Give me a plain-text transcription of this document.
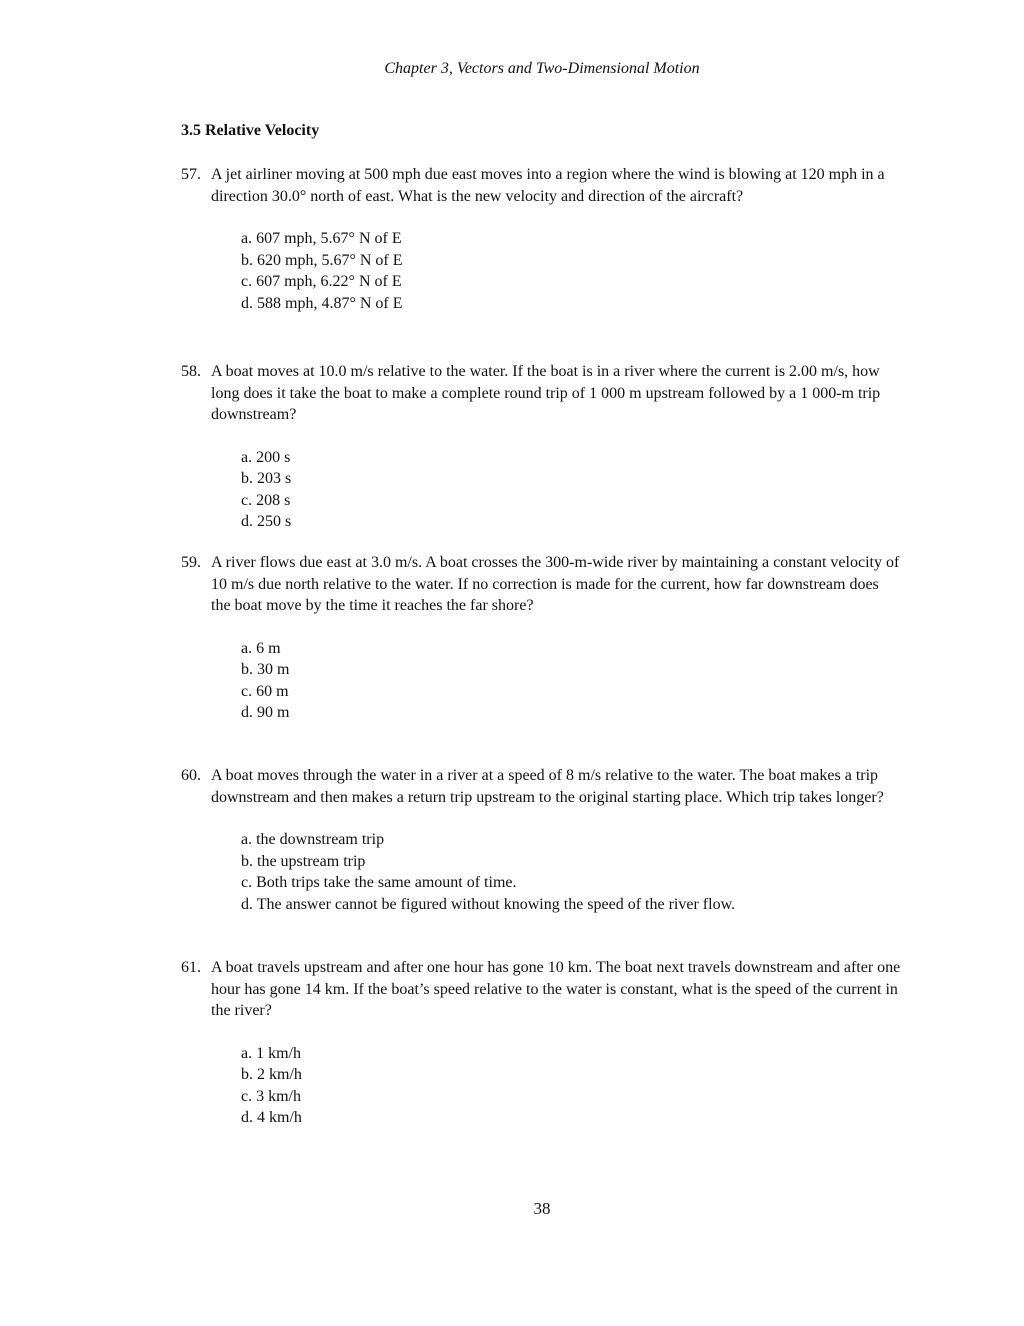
Chapter 3, Vectors and Two-Dimensional Motion
3.5 Relative Velocity
57. A jet airliner moving at 500 mph due east moves into a region where the wind is blowing at 120 mph in a direction 30.0° north of east. What is the new velocity and direction of the aircraft?
a. 607 mph, 5.67° N of E
b. 620 mph, 5.67° N of E
c. 607 mph, 6.22° N of E
d. 588 mph, 4.87° N of E
58. A boat moves at 10.0 m/s relative to the water. If the boat is in a river where the current is 2.00 m/s, how long does it take the boat to make a complete round trip of 1 000 m upstream followed by a 1 000-m trip downstream?
a. 200 s
b. 203 s
c. 208 s
d. 250 s
59. A river flows due east at 3.0 m/s. A boat crosses the 300-m-wide river by maintaining a constant velocity of 10 m/s due north relative to the water. If no correction is made for the current, how far downstream does the boat move by the time it reaches the far shore?
a. 6 m
b. 30 m
c. 60 m
d. 90 m
60. A boat moves through the water in a river at a speed of 8 m/s relative to the water. The boat makes a trip downstream and then makes a return trip upstream to the original starting place. Which trip takes longer?
a. the downstream trip
b. the upstream trip
c. Both trips take the same amount of time.
d. The answer cannot be figured without knowing the speed of the river flow.
61. A boat travels upstream and after one hour has gone 10 km. The boat next travels downstream and after one hour has gone 14 km. If the boat’s speed relative to the water is constant, what is the speed of the current in the river?
a. 1 km/h
b. 2 km/h
c. 3 km/h
d. 4 km/h
38
